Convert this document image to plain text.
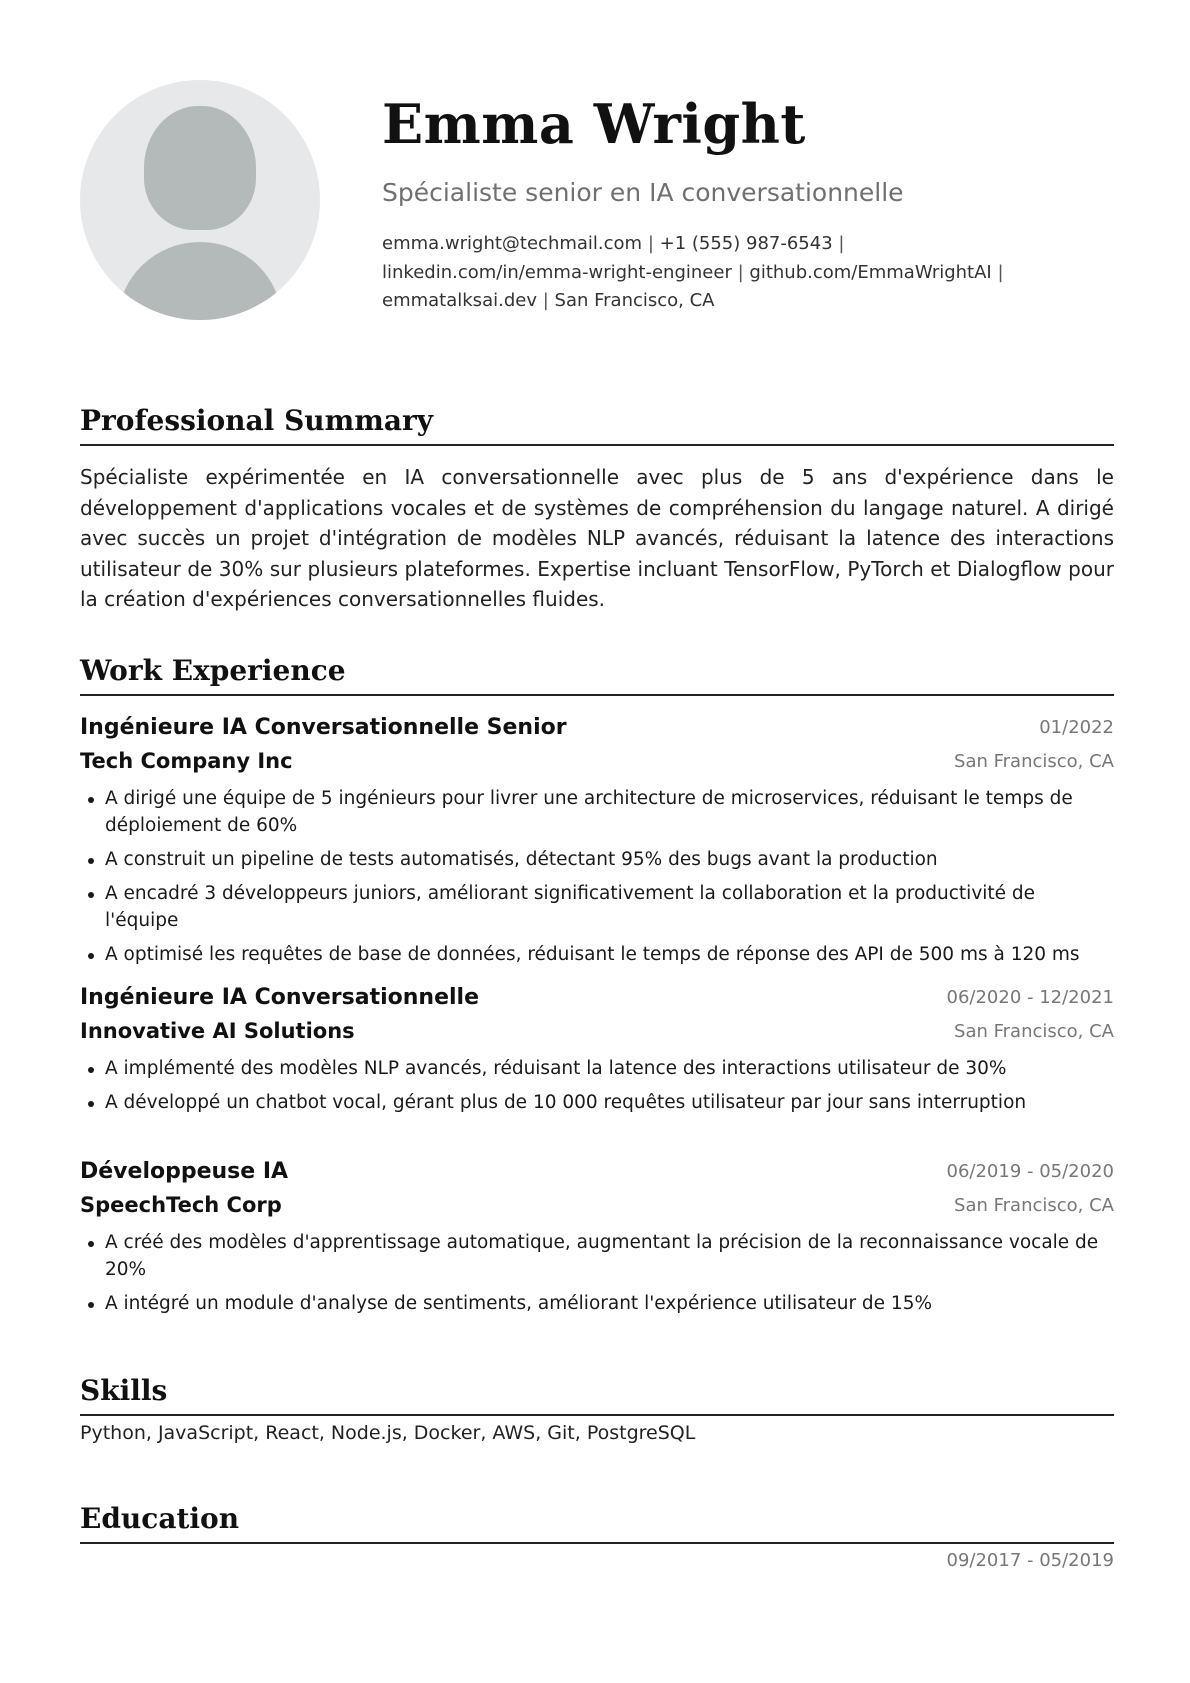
Emma Wright

Spécialiste senior en IA conversationnelle

emma.wright@techmail.com | +1 (555) 987-6543 |
linkedin.com/in/emma-wright-engineer | github.com/EmmaWrightAI |
emmatalksai.dev | San Francisco, CA

Professional Summary

Spécialiste expérimentée en IA conversationnelle avec plus de 5 ans d'expérience dans le développement d'applications vocales et de systèmes de compréhension du langage naturel. A dirigé avec succès un projet d'intégration de modèles NLP avancés, réduisant la latence des interactions utilisateur de 30% sur plusieurs plateformes. Expertise incluant TensorFlow, PyTorch et Dialogflow pour la création d'expériences conversationnelles fluides.

Work Experience
Ingénieure IA Conversationnelle Senior	01/2022
Tech Company Inc	San Francisco, CA
A dirigé une équipe de 5 ingénieurs pour livrer une architecture de microservices, réduisant le temps de déploiement de 60%
A construit un pipeline de tests automatisés, détectant 95% des bugs avant la production
A encadré 3 développeurs juniors, améliorant significativement la collaboration et la productivité de l'équipe
A optimisé les requêtes de base de données, réduisant le temps de réponse des API de 500 ms à 120 ms
Ingénieure IA Conversationnelle	06/2020 - 12/2021
Innovative AI Solutions	San Francisco, CA
A implémenté des modèles NLP avancés, réduisant la latence des interactions utilisateur de 30%
A développé un chatbot vocal, gérant plus de 10 000 requêtes utilisateur par jour sans interruption
Développeuse IA	06/2019 - 05/2020
SpeechTech Corp	San Francisco, CA
A créé des modèles d'apprentissage automatique, augmentant la précision de la reconnaissance vocale de 20%
A intégré un module d'analyse de sentiments, améliorant l'expérience utilisateur de 15%
Skills

Python, JavaScript, React, Node.js, Docker, AWS, Git, PostgreSQL

Education
09/2017 - 05/2019
